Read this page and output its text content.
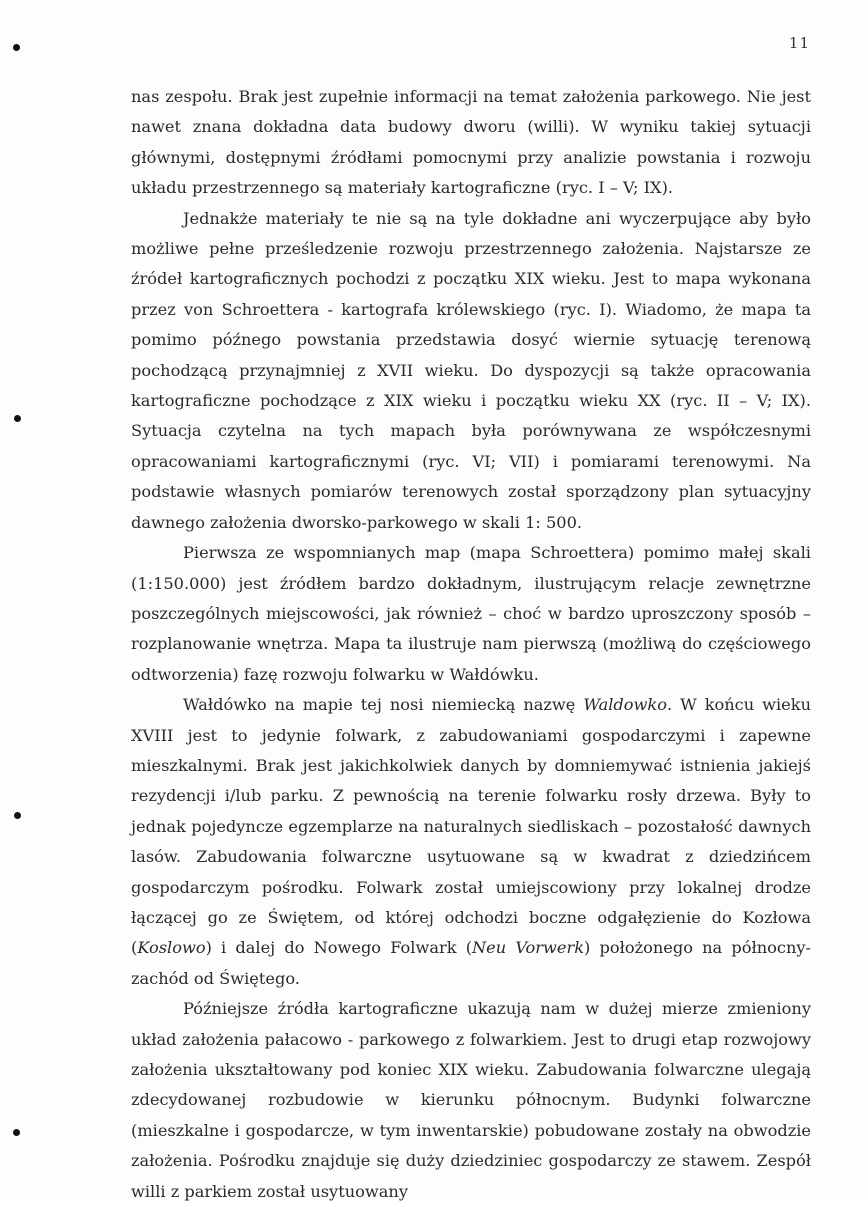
11

nas zespołu. Brak jest zupełnie informacji na temat założenia parkowego. Nie jest nawet znana dokładna data budowy dworu (willi). W wyniku takiej sytuacji głównymi, dostępnymi źródłami pomocnymi przy analizie powstania i rozwoju układu przestrzennego są materiały kartograficzne (ryc. I – V; IX).

Jednakże materiały te nie są na tyle dokładne ani wyczerpujące aby było możliwe pełne prześledzenie rozwoju przestrzennego założenia. Najstarsze ze źródeł kartograficznych pochodzi z początku XIX wieku. Jest to mapa wykonana przez von Schroettera - kartografa królewskiego (ryc. I). Wiadomo, że mapa ta pomimo późnego powstania przedstawia dosyć wiernie sytuację terenową pochodzącą przynajmniej z XVII wieku. Do dyspozycji są także opracowania kartograficzne pochodzące z XIX wieku i początku wieku XX (ryc. II – V; IX). Sytuacja czytelna na tych mapach była porównywana ze współczesnymi opracowaniami kartograficznymi (ryc. VI; VII) i pomiarami terenowymi. Na podstawie własnych pomiarów terenowych został sporządzony plan sytuacyjny dawnego założenia dworsko-parkowego w skali 1: 500.

Pierwsza ze wspomnianych map (mapa Schroettera) pomimo małej skali (1:150.000) jest źródłem bardzo dokładnym, ilustrującym relacje zewnętrzne poszczególnych miejscowości, jak również – choć w bardzo uproszczony sposób – rozplanowanie wnętrza. Mapa ta ilustruje nam pierwszą (możliwą do częściowego odtworzenia) fazę rozwoju folwarku w Wałdówku.

Wałdówko na mapie tej nosi niemiecką nazwę Waldowko. W końcu wieku XVIII jest to jedynie folwark, z zabudowaniami gospodarczymi i zapewne mieszkalnymi. Brak jest jakichkolwiek danych by domniemywać istnienia jakiejś rezydencji i/lub parku. Z pewnością na terenie folwarku rosły drzewa. Były to jednak pojedyncze egzemplarze na naturalnych siedliskach – pozostałość dawnych lasów. Zabudowania folwarczne usytuowane są w kwadrat z dziedzińcem gospodarczym pośrodku. Folwark został umiejscowiony przy lokalnej drodze łączącej go ze Świętem, od której odchodzi boczne odgałęzienie do Kozłowa (Koslowo) i dalej do Nowego Folwark (Neu Vorwerk) położonego na północny-zachód od Świętego.

Późniejsze źródła kartograficzne ukazują nam w dużej mierze zmieniony układ założenia pałacowo - parkowego z folwarkiem. Jest to drugi etap rozwojowy założenia ukształtowany pod koniec XIX wieku. Zabudowania folwarczne ulegają zdecydowanej rozbudowie w kierunku północnym. Budynki folwarczne (mieszkalne i gospodarcze, w tym inwentarskie) pobudowane zostały na obwodzie założenia. Pośrodku znajduje się duży dziedziniec gospodarczy ze stawem. Zespół willi z parkiem został usytuowany
